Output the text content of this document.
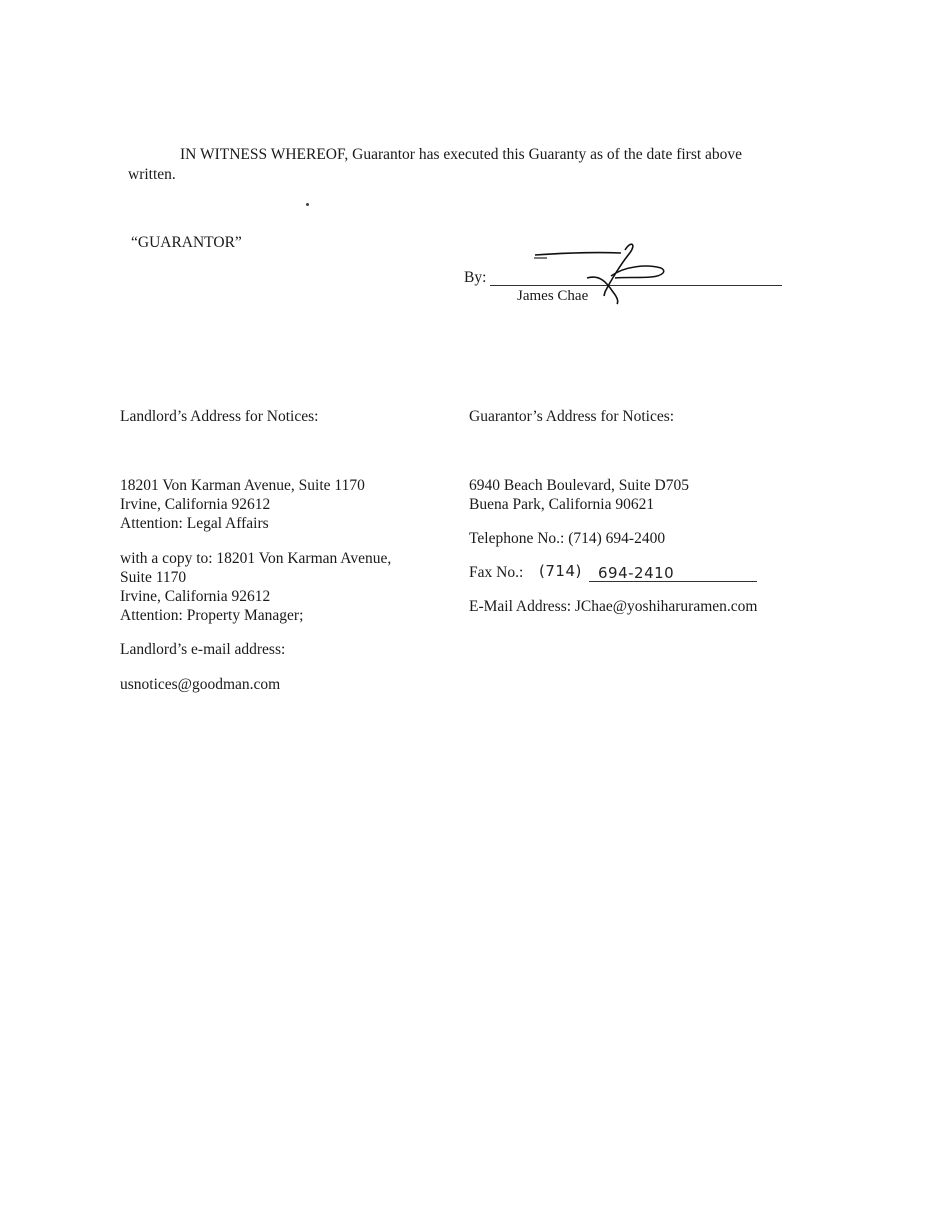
IN WITNESS WHEREOF, Guarantor has executed this Guaranty as of the date first above
written.
“GUARANTOR”
By:
James Chae
Landlord’s Address for Notices:
18201 Von Karman Avenue, Suite 1170
Irvine, California 92612
Attention: Legal Affairs
with a copy to: 18201 Von Karman Avenue,
Suite 1170
Irvine, California 92612
Attention: Property Manager;
Landlord’s e-mail address:
usnotices@goodman.com
Guarantor’s Address for Notices:
6940 Beach Boulevard, Suite D705
Buena Park, California 90621
Telephone No.: (714) 694-2400
Fax No.: (714) 694-2410
E-Mail Address: JChae@yoshiharuramen.com
